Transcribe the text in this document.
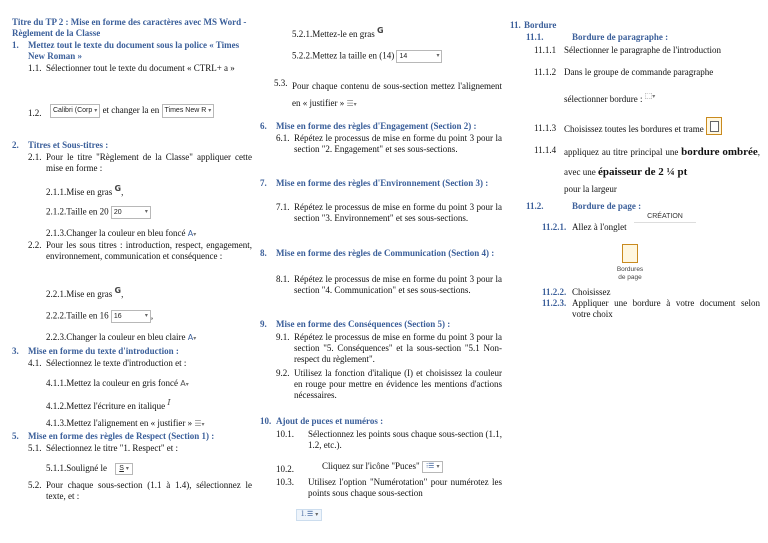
Titre du TP 2 : Mise en forme des caractères avec MS Word - Règlement de la Classe
1. Mettez tout le texte du document sous la police « Times New Roman »
1.1. Sélectionner tout le texte du document « CTRL+ a »
1.2.	Calibri (Corp ▾ et changer la en Times New R ▾
2. Titres et Sous-titres :
2.1. Pour le titre "Règlement de la Classe" appliquer cette mise en forme :
2.1.1.Mise en gras G,
2.1.2.Taille en 20 20	▾
2.1.3.Changer la couleur en bleu foncé A▾
2.2. Pour les sous titres : introduction, respect, engagement, environnement, communication et conséquence :
2.2.1.Mise en gras G,
2.2.2.Taille en 16 16	▾ ,
2.2.3.Changer la couleur en bleu claire A▾
3. Mise en forme du texte d'introduction :
4.1. Sélectionnez le texte d'introduction et :
4.1.1.Mettez la couleur en gris foncé A▾
4.1.2.Mettez l'écriture en italique I
4.1.3.Mettez l'alignement en « justifier » ☰▾
5. Mise en forme des règles de Respect (Section 1) :
5.1. Sélectionnez le titre "1. Respect" et :
5.1.1.Souligné le S ▾
5.2. Pour chaque sous-section (1.1 à 1.4), sélectionnez le texte, et :
5.2.1.Mettez-le en gras G
5.2.2.Mettez la taille en (14) 14	▾
5.3. Pour chaque contenu de sous-section mettez l'alignement en « justifier » ☰▾
6. Mise en forme des règles d'Engagement (Section 2) :
6.1. Répétez le processus de mise en forme du point 3 pour la section "2. Engagement" et ses sous-sections.
7. Mise en forme des règles d'Environnement (Section 3) :
7.1. Répétez le processus de mise en forme du point 3 pour la section "3. Environnement" et ses sous-sections.
8. Mise en forme des règles de Communication (Section 4) :
8.1. Répétez le processus de mise en forme du point 3 pour la section "4. Communication" et ses sous-sections.
9. Mise en forme des Conséquences (Section 5) :
9.1. Répétez le processus de mise en forme du point 3 pour la section "5. Conséquences" et la sous-section "5.1 Non-respect du règlement".
9.2. Utilisez la fonction d'italique (I) et choisissez la couleur en rouge pour mettre en évidence les mentions d'actions nécessaires.
10. Ajout de puces et numéros :
10.1. Sélectionnez les points sous chaque sous-section (1.1, 1.2, etc.).
10.2.	Cliquez sur l'icône "Puces" ⁝☰ ▾
10.3. Utilisez l'option "Numérotation" pour numérotez les points sous chaque sous-section
⒈☰ ▾
11. Bordure
11.1.	Bordure de paragraphe :
11.1.1 Sélectionner le paragraphe de l'introduction
11.1.2 Dans le groupe de commande paragraphe
sélectionner bordure : ⬚▾
11.1.3 Choisissez toutes les bordures et trame
11.1.4 appliquez au titre principal une bordure ombrée, avec une épaisseur de 2 ¼ pt
pour la largeur
11.2.	Bordure de page :
11.2.1. Allez à l'onglet
CRÉATION
Bordures
de page
11.2.2. Choisissez
11.2.3. Appliquer une bordure à votre document selon votre choix
